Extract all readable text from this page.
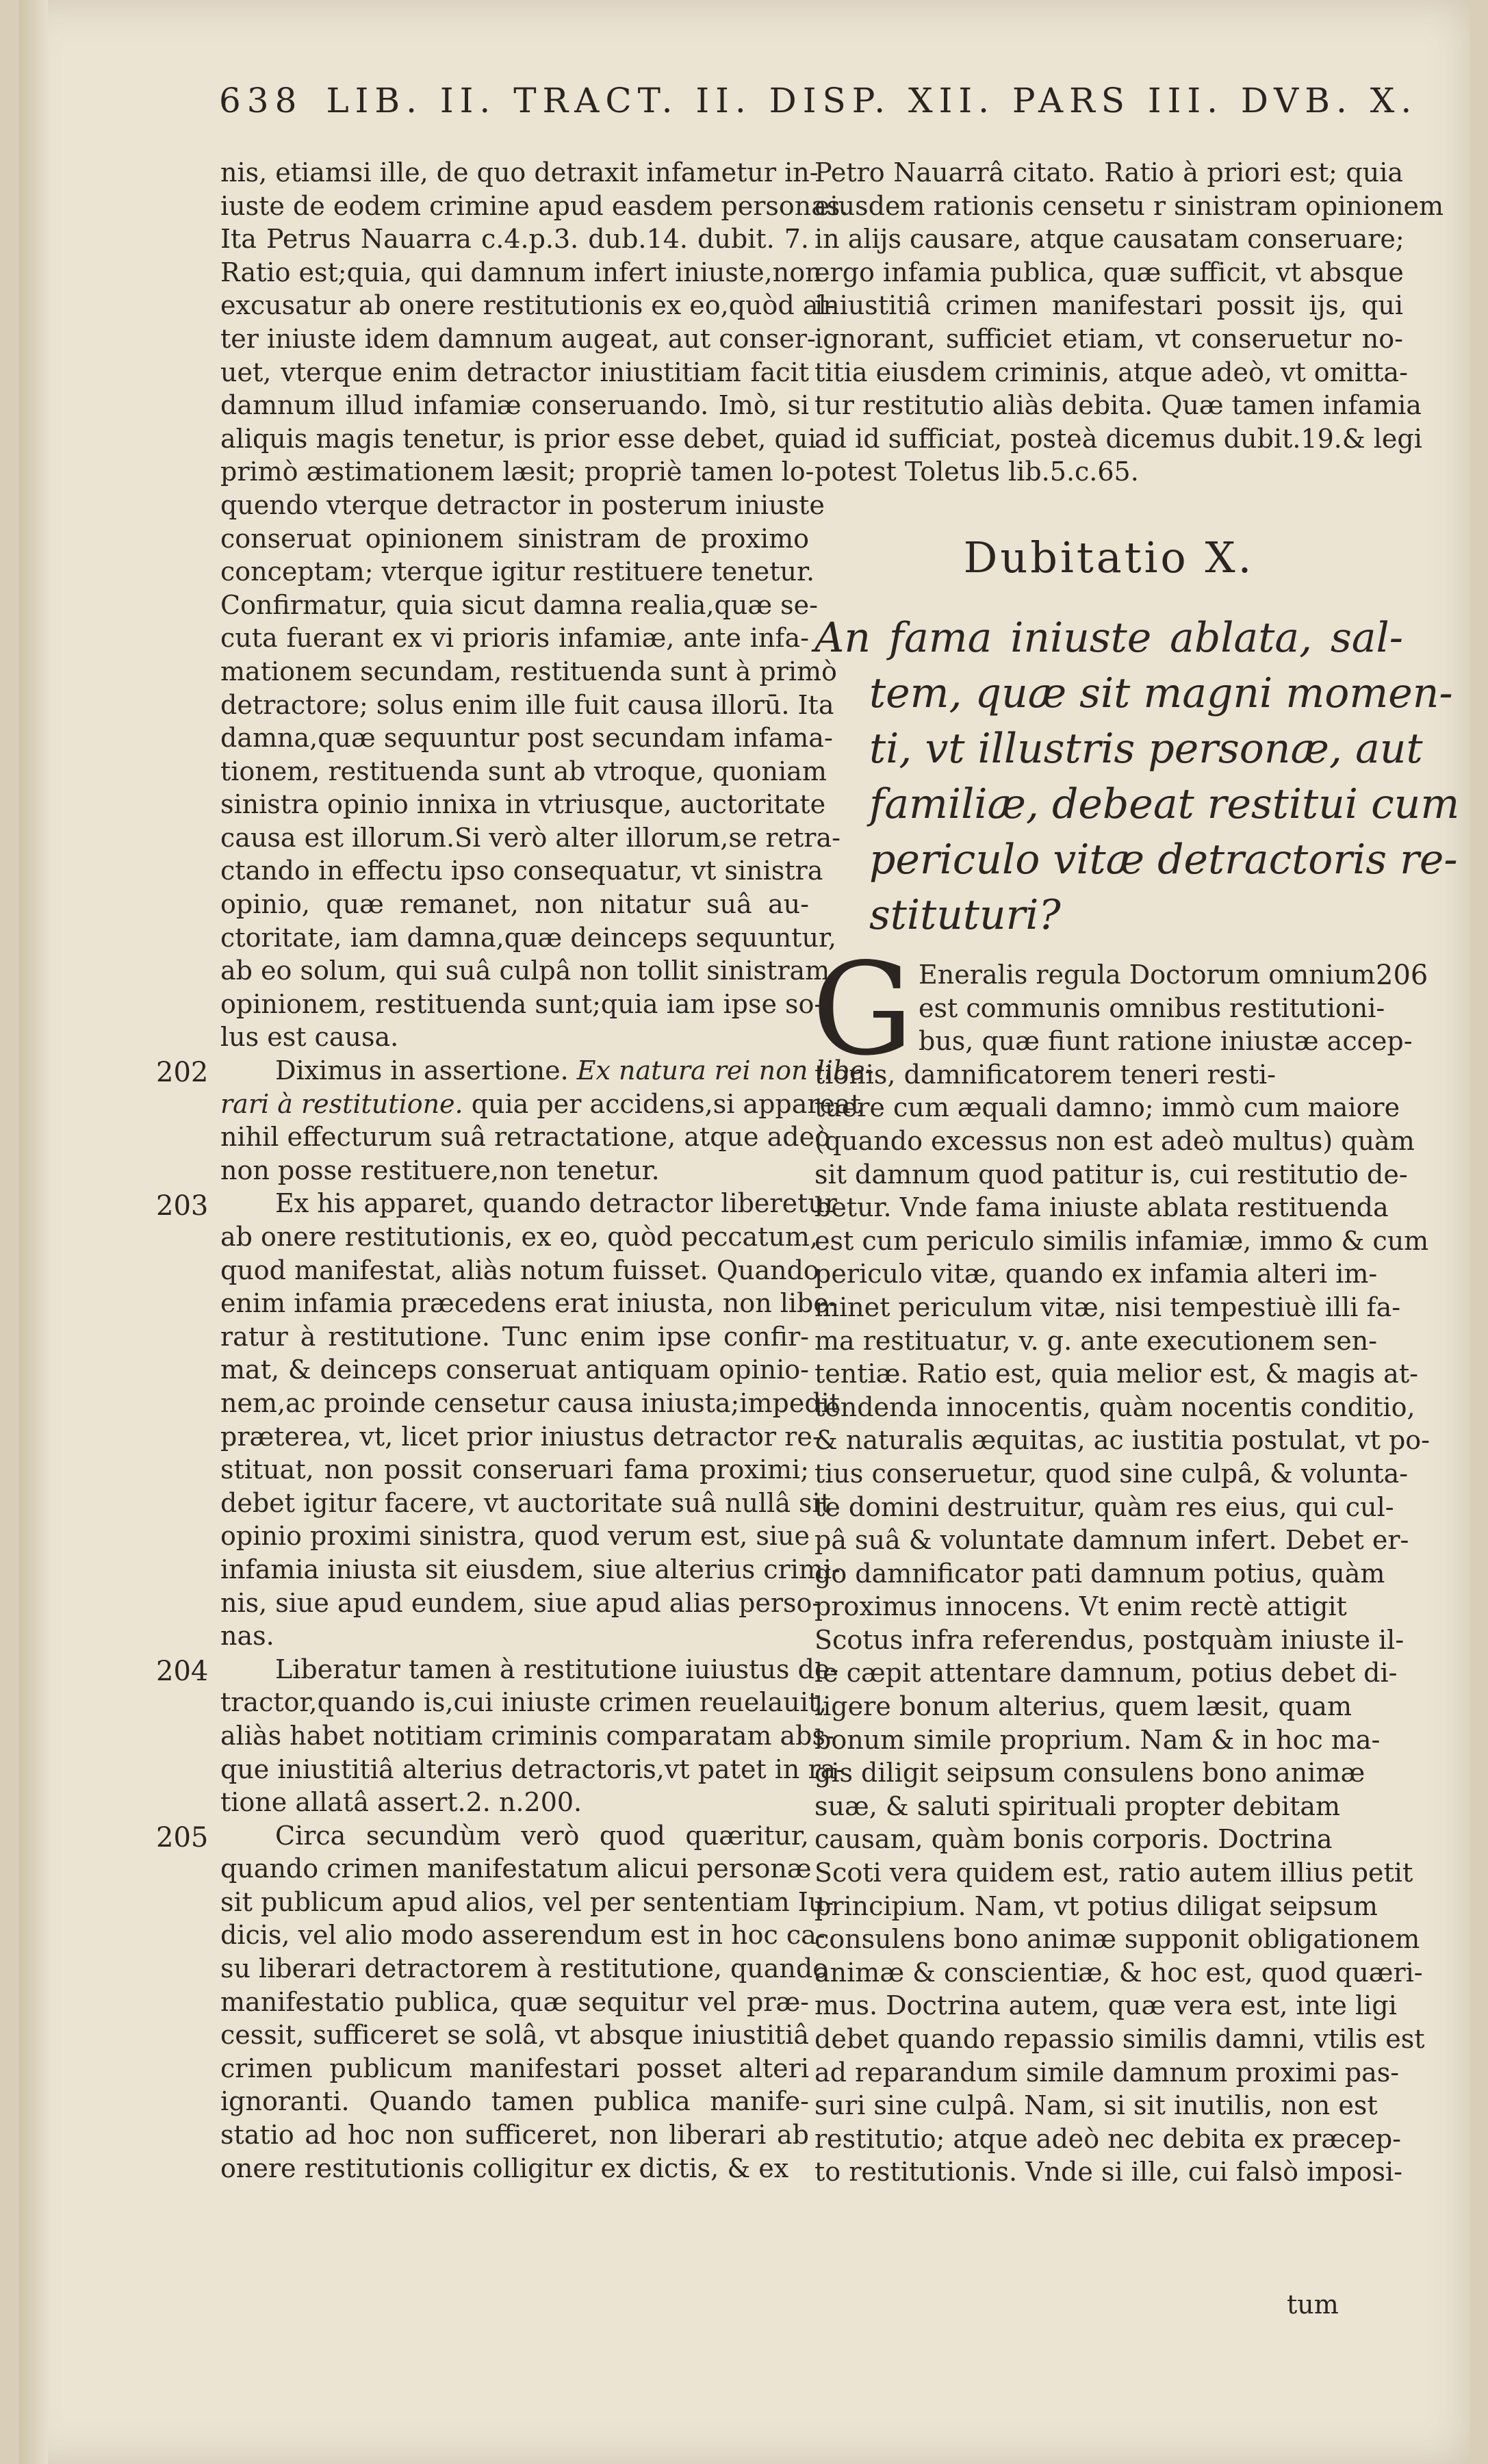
638 LIB. II. TRACT. II. DISP. XII. PARS III. DVB. X.
nis, etiamsi ille, de quo detraxit infametur in-
iuste de eodem crimine apud easdem personas.
Ita Petrus Nauarra c.4.p.3. dub.14. dubit. 7.
Ratio est;quia, qui damnum infert iniuste,non
excusatur ab onere restitutionis ex eo,quòd al-
ter iniuste idem damnum augeat, aut conser-
uet, vterque enim detractor iniustitiam facit
damnum illud infamiæ conseruando. Imò, si
aliquis magis tenetur, is prior esse debet, qui
primò æstimationem læsit; propriè tamen lo-
quendo vterque detractor in posterum iniuste
conseruat opinionem sinistram de proximo
conceptam; vterque igitur restituere tenetur.
Confirmatur, quia sicut damna realia,quæ se-
cuta fuerant ex vi prioris infamiæ, ante infa-
mationem secundam, restituenda sunt à primò
detractore; solus enim ille fuit causa illorū. Ita
damna,quæ sequuntur post secundam infama-
tionem, restituenda sunt ab vtroque, quoniam
sinistra opinio innixa in vtriusque, auctoritate
causa est illorum.Si verò alter illorum,se retra-
ctando in effectu ipso consequatur, vt sinistra
opinio, quæ remanet, non nitatur suâ au-
ctoritate, iam damna,quæ deinceps sequuntur,
ab eo solum, qui suâ culpâ non tollit sinistram
opinionem, restituenda sunt;quia iam ipse so-
lus est causa.
Diximus in assertione. Ex natura rei non libe-
rari à restitutione. quia per accidens,si appareat
nihil effecturum suâ retractatione, atque adeò
non posse restituere,non tenetur.
Ex his apparet, quando detractor liberetur
ab onere restitutionis, ex eo, quòd peccatum,
quod manifestat, aliàs notum fuisset. Quando
enim infamia præcedens erat iniusta, non libe-
ratur à restitutione. Tunc enim ipse confir-
mat, & deinceps conseruat antiquam opinio-
nem,ac proinde censetur causa iniusta;impedit
præterea, vt, licet prior iniustus detractor re-
stituat, non possit conseruari fama proximi;
debet igitur facere, vt auctoritate suâ nullâ sit
opinio proximi sinistra, quod verum est, siue
infamia iniusta sit eiusdem, siue alterius crimi-
nis, siue apud eundem, siue apud alias perso-
nas.
Liberatur tamen à restitutione iuiustus de-
tractor,quando is,cui iniuste crimen reuelauit,
aliàs habet notitiam criminis comparatam abs-
que iniustitiâ alterius detractoris,vt patet in ra-
tione allatâ assert.2. n.200.
Circa secundùm verò quod quæritur,
quando crimen manifestatum alicui personæ
sit publicum apud alios, vel per sententiam Iu-
dicis, vel alio modo asserendum est in hoc ca-
su liberari detractorem à restitutione, quando
manifestatio publica, quæ sequitur vel præ-
cessit, sufficeret se solâ, vt absque iniustitiâ
crimen publicum manifestari posset alteri
ignoranti. Quando tamen publica manife-
statio ad hoc non sufficeret, non liberari ab
onere restitutionis colligitur ex dictis, & ex
Petro Nauarrâ citato. Ratio à priori est; quia
eiusdem rationis censetu r sinistram opinionem
in alijs causare, atque causatam conseruare;
ergo infamia publica, quæ sufficit, vt absque
iniustitiâ crimen manifestari possit ijs, qui
ignorant, sufficiet etiam, vt conseruetur no-
titia eiusdem criminis, atque adeò, vt omitta-
tur restitutio aliàs debita. Quæ tamen infamia
ad id sufficiat, posteà dicemus dubit.19.& legi
potest Toletus lib.5.c.65.
Dubitatio X.
An fama iniuste ablata, sal-
tem, quæ sit magni momen-
ti, vt illustris personæ, aut
familiæ, debeat restitui cum
periculo vitæ detractoris re-
stituturi?
G Eneralis regula Doctorum omnium
est communis omnibus restitutioni-
bus, quæ fiunt ratione iniustæ accep-
tionis, damnificatorem teneri resti-
tuere cum æquali damno; immò cum maiore
(quando excessus non est adeò multus) quàm
sit damnum quod patitur is, cui restitutio de-
betur. Vnde fama iniuste ablata restituenda
est cum periculo similis infamiæ, immo & cum
periculo vitæ, quando ex infamia alteri im-
minet periculum vitæ, nisi tempestiuè illi fa-
ma restituatur, v. g. ante executionem sen-
tentiæ. Ratio est, quia melior est, & magis at-
tendenda innocentis, quàm nocentis conditio,
& naturalis æquitas, ac iustitia postulat, vt po-
tius conseruetur, quod sine culpâ, & volunta-
te domini destruitur, quàm res eius, qui cul-
pâ suâ & voluntate damnum infert. Debet er-
go damnificator pati damnum potius, quàm
proximus innocens. Vt enim rectè attigit
Scotus infra referendus, postquàm iniuste il-
le cæpit attentare damnum, potius debet di-
ligere bonum alterius, quem læsit, quam
bonum simile proprium. Nam & in hoc ma-
gis diligit seipsum consulens bono animæ
suæ, & saluti spirituali propter debitam
causam, quàm bonis corporis. Doctrina
Scoti vera quidem est, ratio autem illius petit
principium. Nam, vt potius diligat seipsum
consulens bono animæ supponit obligationem
animæ & conscientiæ, & hoc est, quod quæri-
mus. Doctrina autem, quæ vera est, inte ligi
debet quando repassio similis damni, vtilis est
ad reparandum simile damnum proximi pas-
suri sine culpâ. Nam, si sit inutilis, non est
restitutio; atque adeò nec debita ex præcep-
to restitutionis. Vnde si ille, cui falsò imposi-
206
tum
202
203
204
205
